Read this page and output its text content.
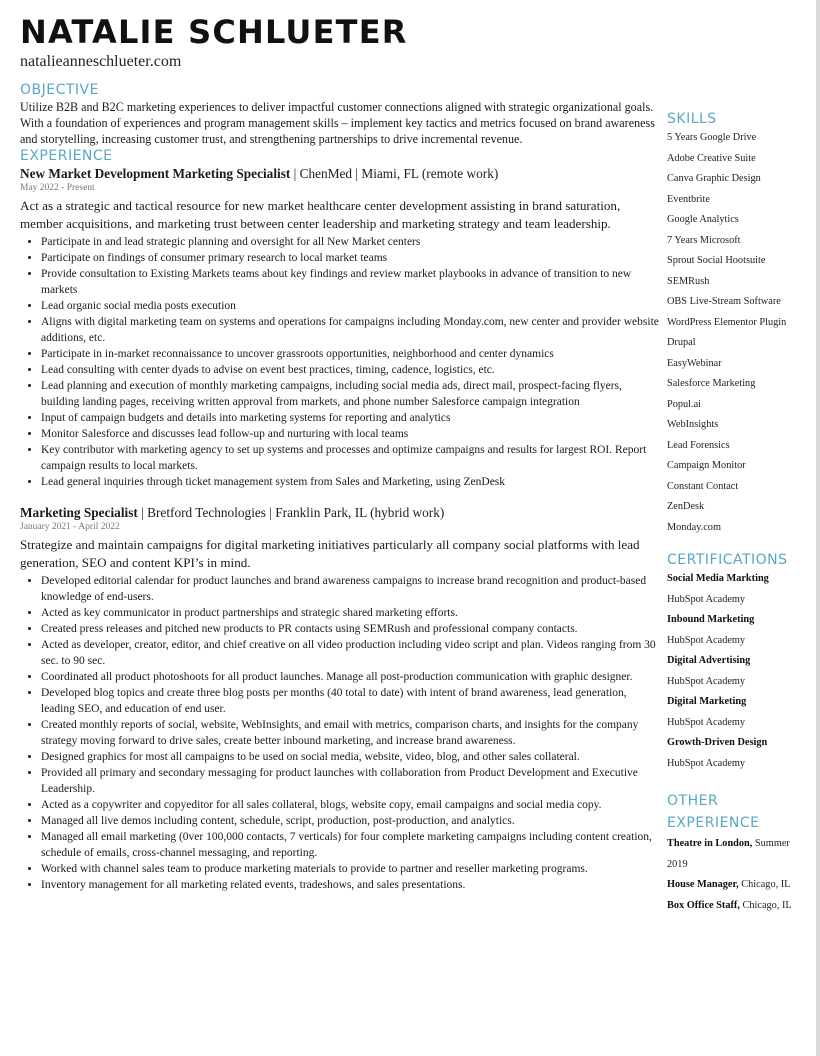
NATALIE SCHLUETER
natalieanneschlueter.com
OBJECTIVE

Utilize B2B and B2C marketing experiences to deliver impactful customer connections aligned with strategic organizational goals. With a foundation of experiences and program management skills – implement key tactics and metrics focused on brand awareness and storytelling, increasing customer trust, and strengthening partnerships to drive incremental revenue.

EXPERIENCE

New Market Development Marketing Specialist | ChenMed | Miami, FL (remote work)

May 2022 - Present

Act as a strategic and tactical resource for new market healthcare center development assisting in brand saturation, member acquisitions, and marketing trust between center leadership and marketing strategy and team leadership.

• Participate in and lead strategic planning and oversight for all New Market centers
• Participate on findings of consumer primary research to local market teams
• Provide consultation to Existing Markets teams about key findings and review market playbooks in advance of transition to new markets
• Lead organic social media posts execution
• Aligns with digital marketing team on systems and operations for campaigns including Monday.com, new center and provider website additions, etc.
• Participate in in-market reconnaissance to uncover grassroots opportunities, neighborhood and center dynamics
• Lead consulting with center dyads to advise on event best practices, timing, cadence, logistics, etc.
• Lead planning and execution of monthly marketing campaigns, including social media ads, direct mail, prospect-facing flyers, building landing pages, receiving written approval from markets, and phone number Salesforce campaign integration
• Input of campaign budgets and details into marketing systems for reporting and analytics
• Monitor Salesforce and discusses lead follow-up and nurturing with local teams
• Key contributor with marketing agency to set up systems and processes and optimize campaigns and results for largest ROI. Report campaign results to local markets.
• Lead general inquiries through ticket management system from Sales and Marketing, using ZenDesk

Marketing Specialist | Bretford Technologies | Franklin Park, IL (hybrid work)

January 2021 - April 2022

Strategize and maintain campaigns for digital marketing initiatives particularly all company social platforms with lead generation, SEO and content KPI’s in mind.

• Developed editorial calendar for product launches and brand awareness campaigns to increase brand recognition and product-based knowledge of end-users.
• Acted as key communicator in product partnerships and strategic shared marketing efforts.
• Created press releases and pitched new products to PR contacts using SEMRush and professional company contacts.
• Acted as developer, creator, editor, and chief creative on all video production including video script and plan. Videos ranging from 30 sec. to 90 sec.
• Coordinated all product photoshoots for all product launches. Manage all post-production communication with graphic designer.
• Developed blog topics and create three blog posts per months (40 total to date) with intent of brand awareness, lead generation, leading SEO, and education of end user.
• Created monthly reports of social, website, WebInsights, and email with metrics, comparison charts, and insights for the company strategy moving forward to drive sales, create better inbound marketing, and increase brand awareness.
• Designed graphics for most all campaigns to be used on social media, website, video, blog, and other sales collateral.
• Provided all primary and secondary messaging for product launches with collaboration from Product Development and Executive Leadership.
• Acted as a copywriter and copyeditor for all sales collateral, blogs, website copy, email campaigns and social media copy.
• Managed all live demos including content, schedule, script, production, post-production, and analytics.
• Managed all email marketing (0ver 100,000 contacts, 7 verticals) for four complete marketing campaigns including content creation, schedule of emails, cross-channel messaging, and reporting.
• Worked with channel sales team to produce marketing materials to provide to partner and reseller marketing programs.
• Inventory management for all marketing related events, tradeshows, and sales presentations.
SKILLS
5 Years Google Drive
Adobe Creative Suite
Canva Graphic Design
Eventbrite
Google Analytics
7 Years Microsoft
Sprout Social Hootsuite
SEMRush
OBS Live-Stream Software
WordPress Elementor Plugin
Drupal
EasyWebinar
Salesforce Marketing
Popul.ai
WebInsights
Lead Forensics
Campaign Monitor
Constant Contact
ZenDesk
Monday.com
CERTIFICATIONS
Social Media Markting
HubSpot Academy
Inbound Marketing
HubSpot Academy
Digital Advertising
HubSpot Academy
Digital Marketing
HubSpot Academy
Growth-Driven Design
HubSpot Academy
OTHER
EXPERIENCE
Theatre in London, Summer 2019
House Manager, Chicago, IL
Box Office Staff, Chicago, IL
